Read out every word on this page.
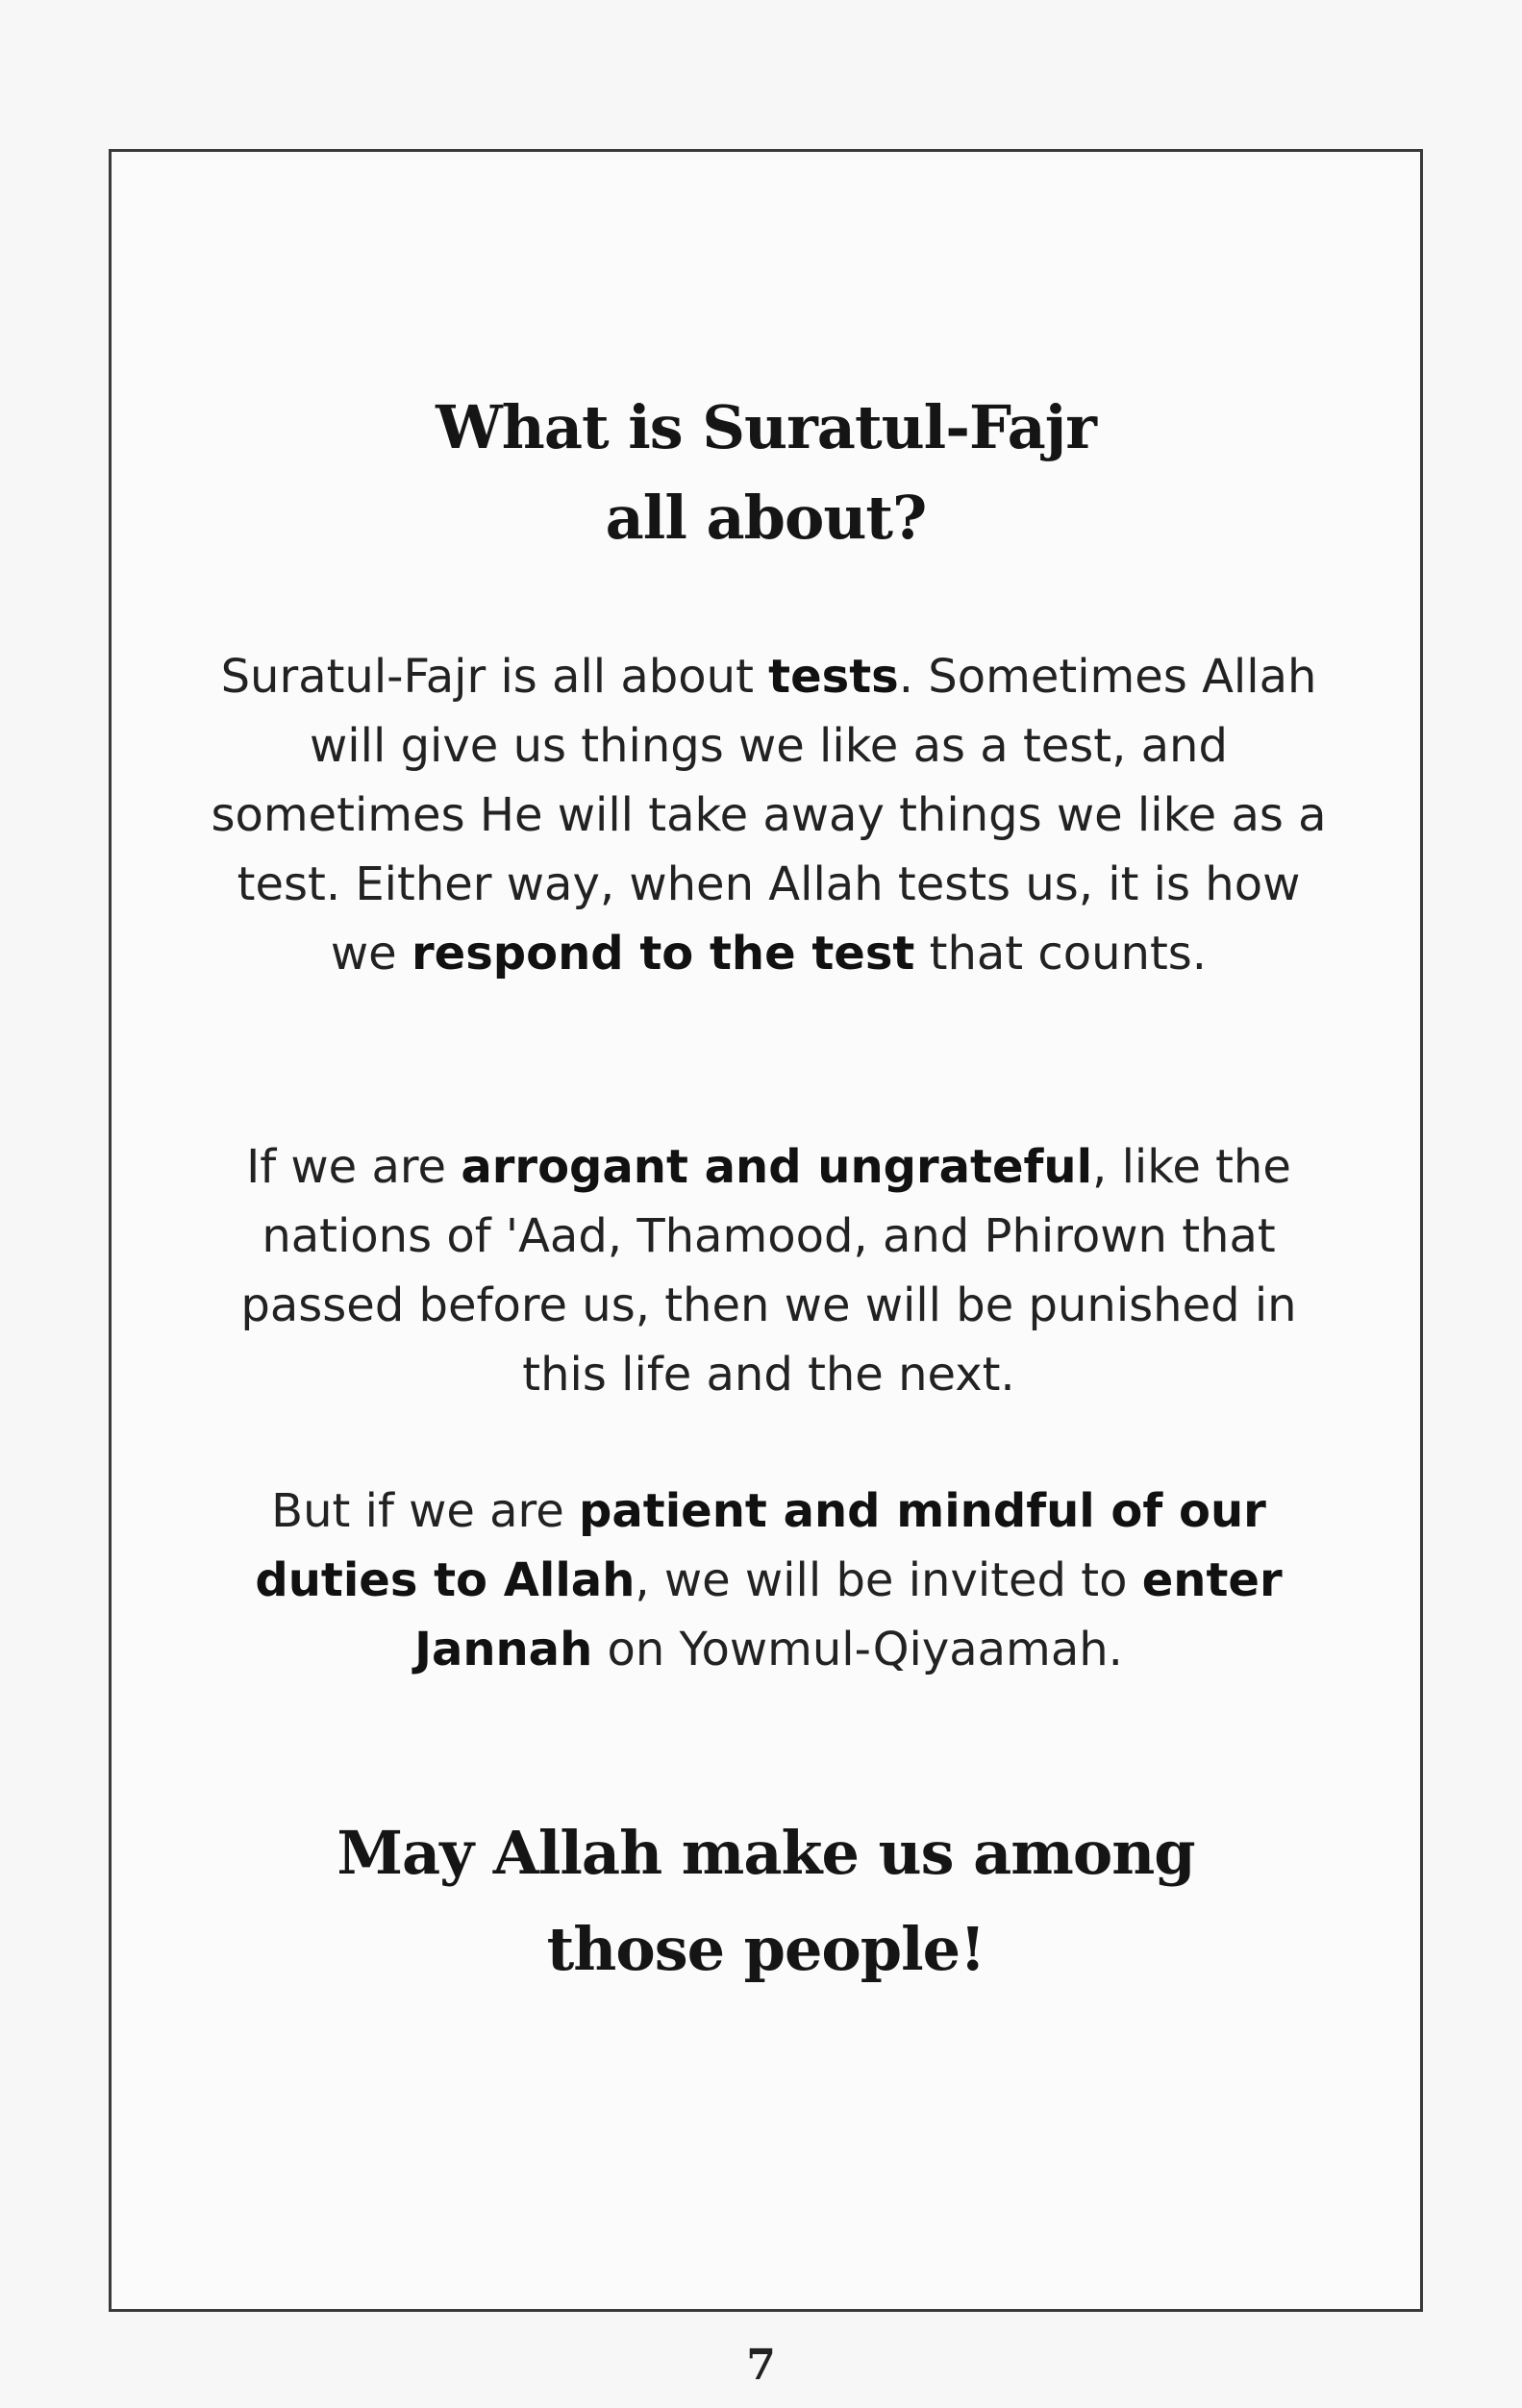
What is Suratul-Fajr
all about?

Suratul-Fajr is all about tests. Sometimes Allah will give us things we like as a test, and sometimes He will take away things we like as a test. Either way, when Allah tests us, it is how we respond to the test that counts.

If we are arrogant and ungrateful, like the nations of 'Aad, Thamood, and Phirown that passed before us, then we will be punished in this life and the next.

But if we are patient and mindful of our duties to Allah, we will be invited to enter Jannah on Yowmul-Qiyaamah.

May Allah make us among
those people!
7
